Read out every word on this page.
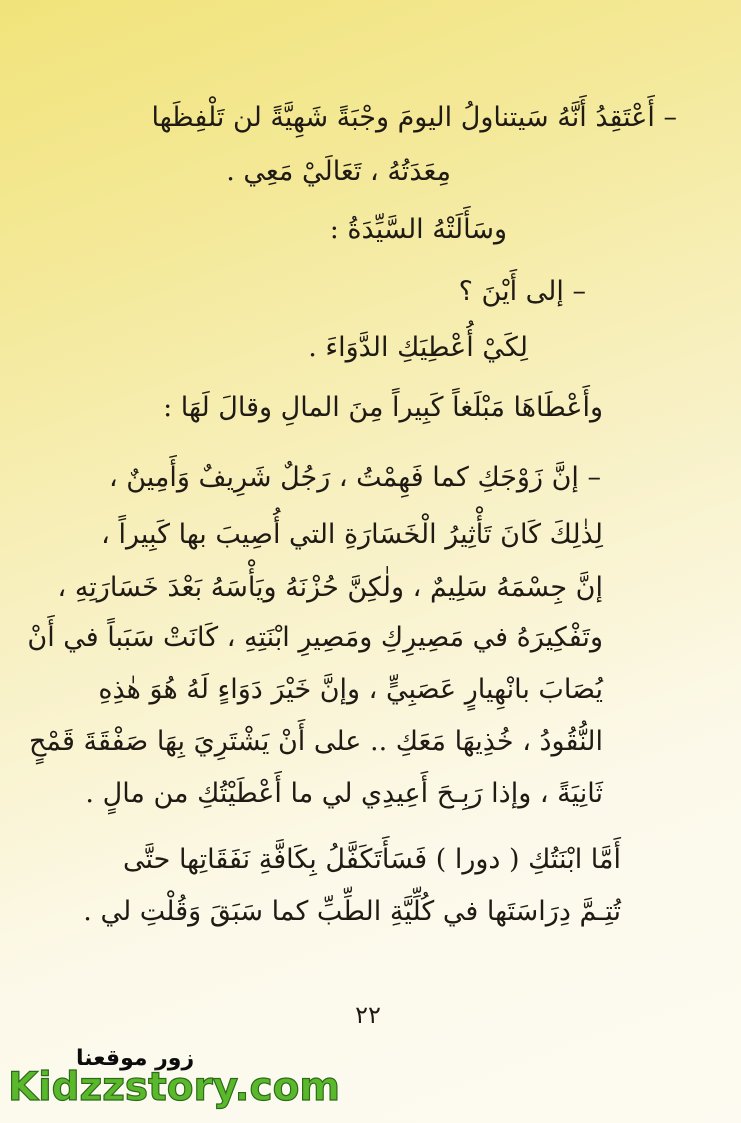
– أَعْتَقِدُ أَنَّهُ سَيتناولُ اليومَ وجْبَةً شَهِيَّةً لن تَلْفِظَها
مِعَدَتُهُ ، تَعَالَيْ مَعِي .
وسَأَلَتْهُ السَّيِّدَةُ :
– إلى أَيْنَ ؟
لِكَيْ أُعْطِيَكِ الدَّوَاءَ .
وأَعْطَاهَا مَبْلَغاً كَبِيراً مِنَ المالِ وقالَ لَهَا :
– إنَّ زَوْجَكِ كما فَهِمْتُ ، رَجُلٌ شَرِيفٌ وَأَمِينٌ ،
لِذٰلِكَ كَانَ تَأْثِيرُ الْخَسَارَةِ التي أُصِيبَ بها كَبِيراً ،
إنَّ جِسْمَهُ سَلِيمٌ ، ولٰكِنَّ حُزْنَهُ ويَأْسَهُ بَعْدَ خَسَارَتِهِ ،
وتَفْكِيرَهُ في مَصِيرِكِ ومَصِيرِ ابْنَتِهِ ، كَانَتْ سَبَباً في أَنْ
يُصَابَ بانْهِيارٍ عَصَبِيٍّ ، وإنَّ خَيْرَ دَوَاءٍ لَهُ هُوَ هٰذِهِ
النُّقُودُ ، خُذِيهَا مَعَكِ .. على أَنْ يَشْتَرِيَ بِهَا صَفْقَةَ قَمْحٍ
ثَانِيَةً ، وإذا رَبِـحَ أَعِيدِي لي ما أَعْطَيْتُكِ من مالٍ .
أَمَّا ابْنَتُكِ ( دورا ) فَسَأَتَكَفَّلُ بِكَافَّةِ نَفَقَاتِها حتَّى
تُتِـمَّ دِرَاسَتَها في كُلِّيَّةِ الطِّبِّ كما سَبَقَ وَقُلْتِ لي .
٢٢
زور موقعنا
Kidzzstory.com
